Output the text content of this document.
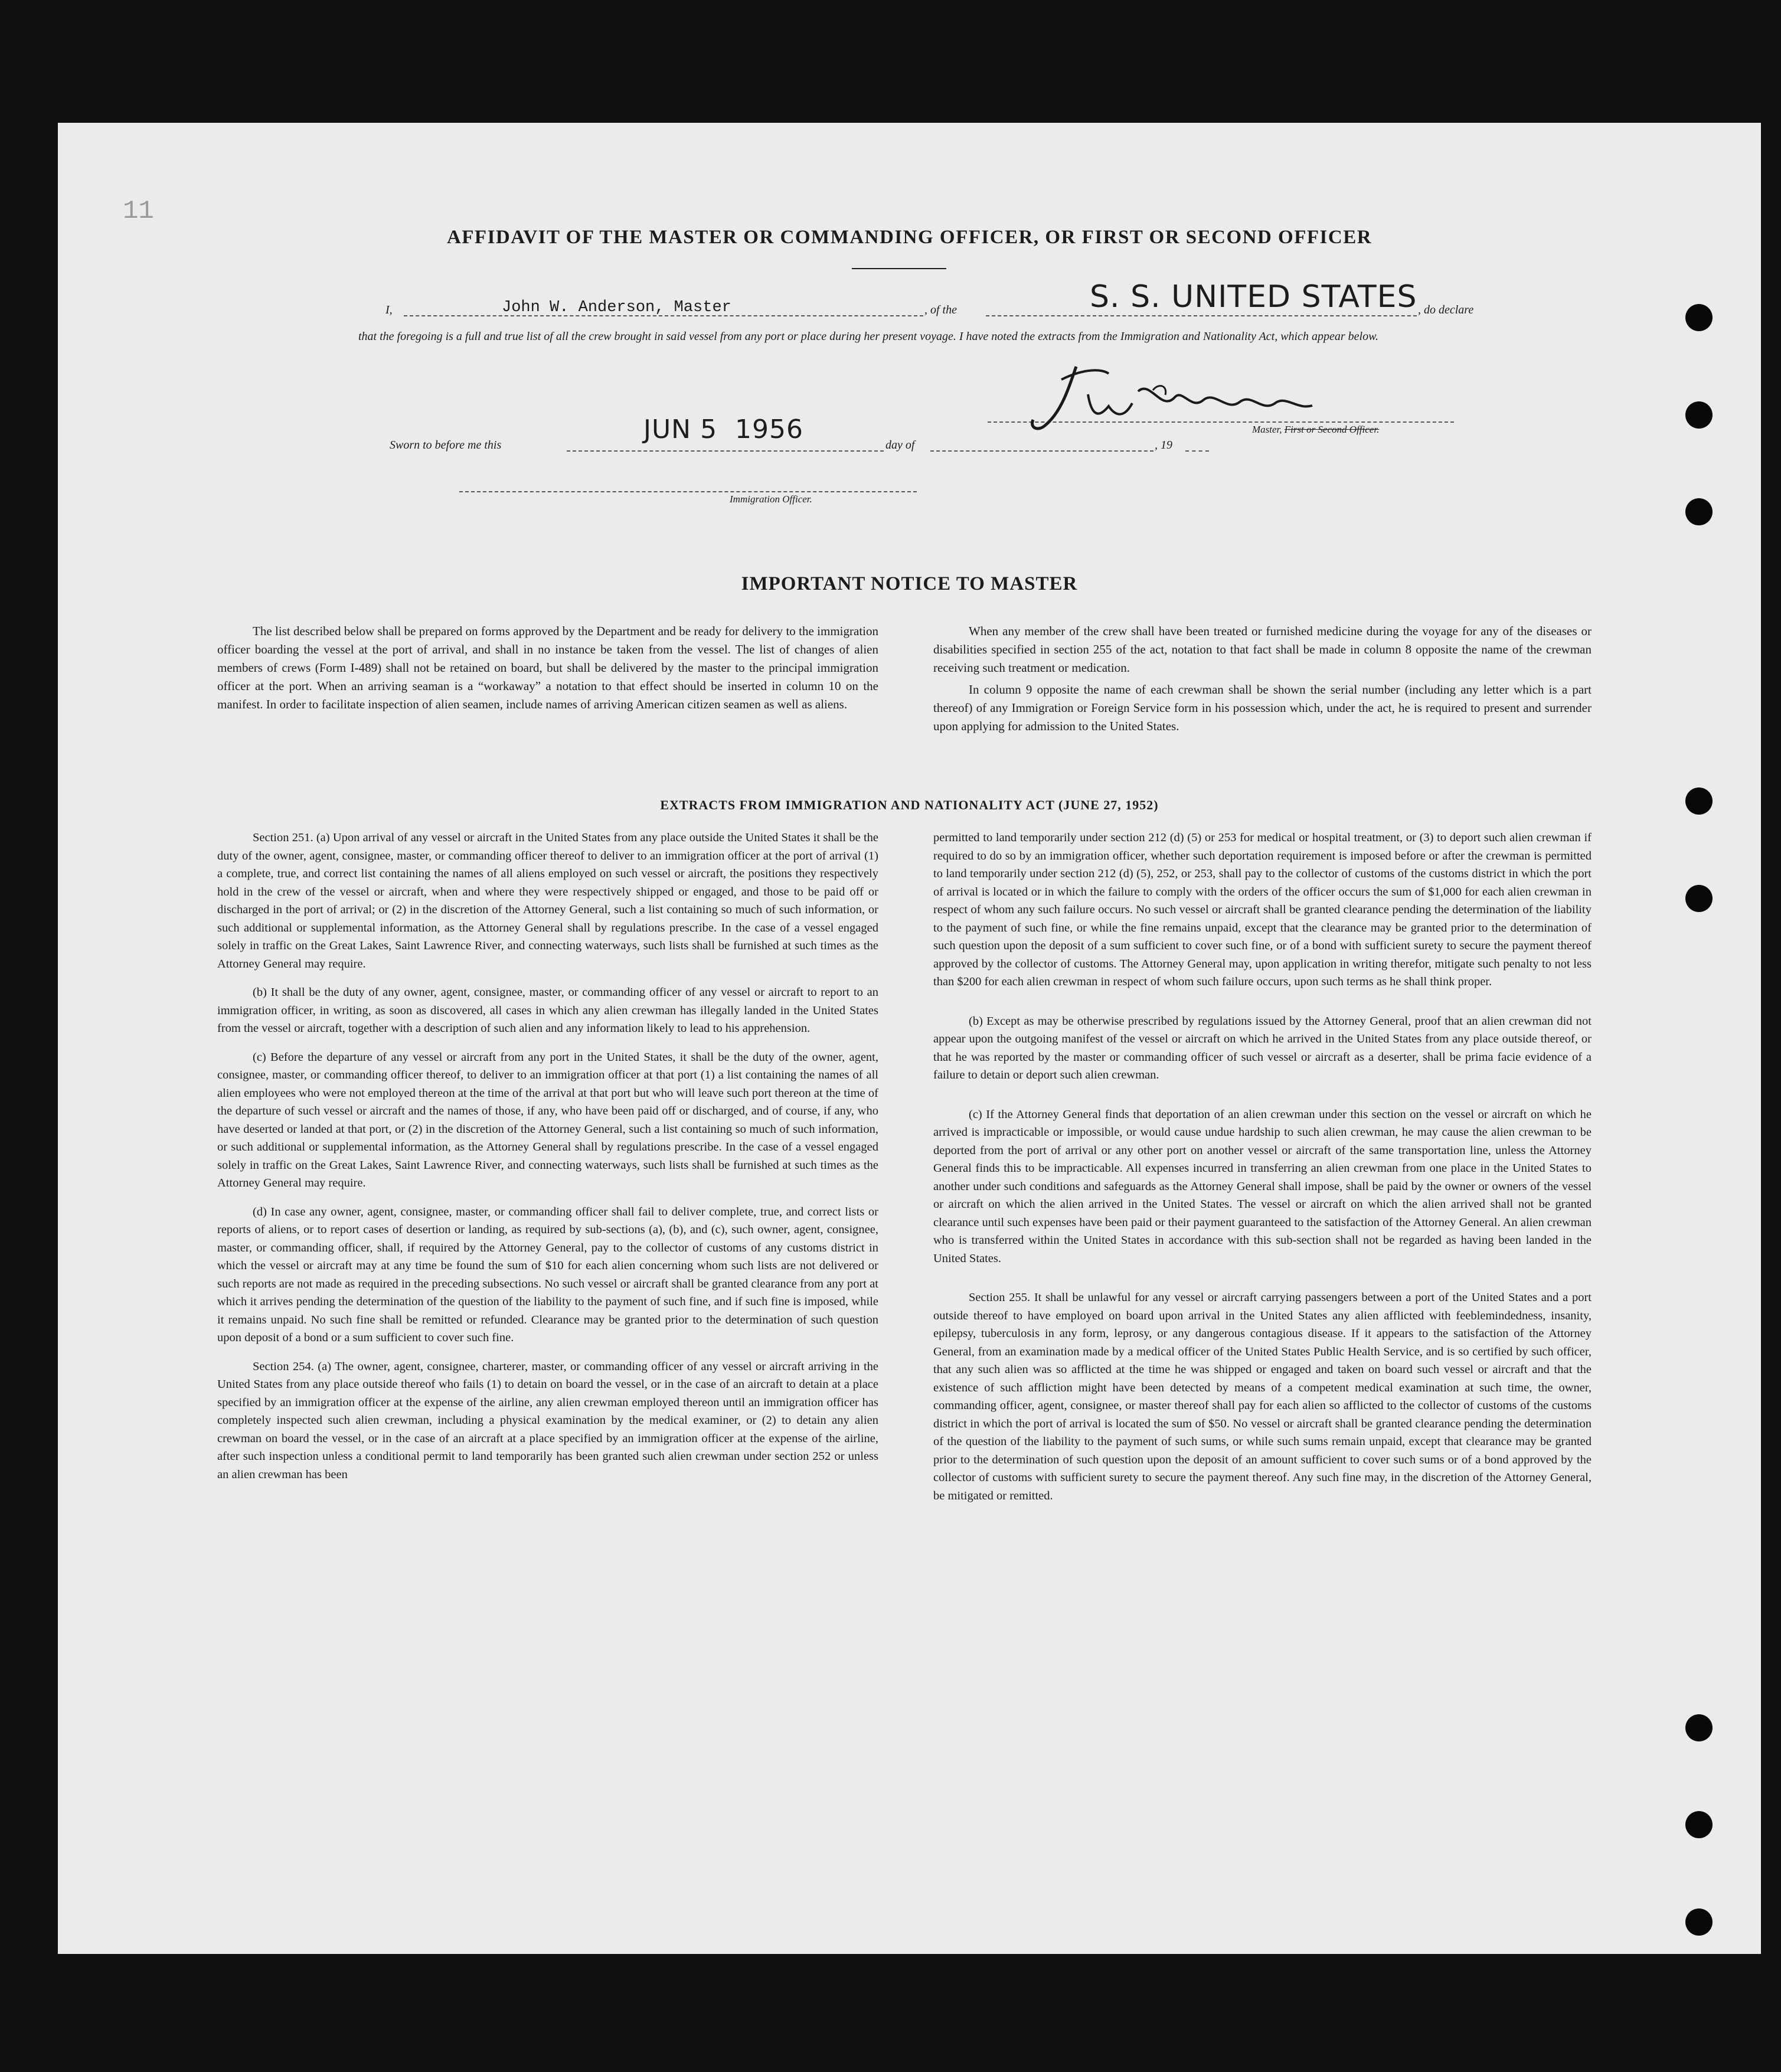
11
AFFIDAVIT OF THE MASTER OR COMMANDING OFFICER, OR FIRST OR SECOND OFFICER
I,	John W. Anderson, Master	, of the	S. S. UNITED STATES , do declare
that the foregoing is a full and true list of all the crew brought in said vessel from any port or place during her present voyage. I have noted the extracts from the Immigration and Nationality Act, which appear below.
Master, First or Second Officer.
Sworn to before me this
JUN 5  1956
day of	, 19
Immigration Officer.
IMPORTANT NOTICE TO MASTER

The list described below shall be prepared on forms approved by the Department and be ready for delivery to the immigration officer boarding the vessel at the port of arrival, and shall in no instance be taken from the vessel. The list of changes of alien members of crews (Form I-489) shall not be retained on board, but shall be delivered by the master to the principal immigration officer at the port. When an arriving seaman is a “workaway” a notation to that effect should be inserted in column 10 on the manifest. In order to facilitate inspection of alien seamen, include names of arriving American citizen seamen as well as aliens.

When any member of the crew shall have been treated or furnished medicine during the voyage for any of the diseases or disabilities specified in section 255 of the act, notation to that fact shall be made in column 8 opposite the name of the crewman receiving such treatment or medication.

In column 9 opposite the name of each crewman shall be shown the serial number (including any letter which is a part thereof) of any Immigration or Foreign Service form in his possession which, under the act, he is required to present and surrender upon applying for admission to the United States.

EXTRACTS FROM IMMIGRATION AND NATIONALITY ACT (JUNE 27, 1952)

Section 251. (a) Upon arrival of any vessel or aircraft in the United States from any place outside the United States it shall be the duty of the owner, agent, consignee, master, or commanding officer thereof to deliver to an immigration officer at the port of arrival (1) a complete, true, and correct list containing the names of all aliens employed on such vessel or aircraft, the positions they respectively hold in the crew of the vessel or aircraft, when and where they were respectively shipped or engaged, and those to be paid off or discharged in the port of arrival; or (2) in the discretion of the Attorney General, such a list containing so much of such information, or such additional or supplemental information, as the Attorney General shall by regulations prescribe. In the case of a vessel engaged solely in traffic on the Great Lakes, Saint Lawrence River, and connecting waterways, such lists shall be furnished at such times as the Attorney General may require.

(b) It shall be the duty of any owner, agent, consignee, master, or commanding officer of any vessel or aircraft to report to an immigration officer, in writing, as soon as discovered, all cases in which any alien crewman has illegally landed in the United States from the vessel or aircraft, together with a description of such alien and any information likely to lead to his apprehension.

(c) Before the departure of any vessel or aircraft from any port in the United States, it shall be the duty of the owner, agent, consignee, master, or commanding officer thereof, to deliver to an immigration officer at that port (1) a list containing the names of all alien employees who were not employed thereon at the time of the arrival at that port but who will leave such port thereon at the time of the departure of such vessel or aircraft and the names of those, if any, who have been paid off or discharged, and of course, if any, who have deserted or landed at that port, or (2) in the discretion of the Attorney General, such a list containing so much of such information, or such additional or supplemental information, as the Attorney General shall by regulations prescribe. In the case of a vessel engaged solely in traffic on the Great Lakes, Saint Lawrence River, and connecting waterways, such lists shall be furnished at such times as the Attorney General may require.

(d) In case any owner, agent, consignee, master, or commanding officer shall fail to deliver complete, true, and correct lists or reports of aliens, or to report cases of desertion or landing, as required by sub-sections (a), (b), and (c), such owner, agent, consignee, master, or commanding officer, shall, if required by the Attorney General, pay to the collector of customs of any customs district in which the vessel or aircraft may at any time be found the sum of $10 for each alien concerning whom such lists are not delivered or such reports are not made as required in the preceding subsections. No such vessel or aircraft shall be granted clearance from any port at which it arrives pending the determination of the question of the liability to the payment of such fine, and if such fine is imposed, while it remains unpaid. No such fine shall be remitted or refunded. Clearance may be granted prior to the determination of such question upon deposit of a bond or a sum sufficient to cover such fine.

Section 254. (a) The owner, agent, consignee, charterer, master, or commanding officer of any vessel or aircraft arriving in the United States from any place outside thereof who fails (1) to detain on board the vessel, or in the case of an aircraft to detain at a place specified by an immigration officer at the expense of the airline, any alien crewman employed thereon until an immigration officer has completely inspected such alien crewman, including a physical examination by the medical examiner, or (2) to detain any alien crewman on board the vessel, or in the case of an aircraft at a place specified by an immigration officer at the expense of the airline, after such inspection unless a conditional permit to land temporarily has been granted such alien crewman under section 252 or unless an alien crewman has been

permitted to land temporarily under section 212 (d) (5) or 253 for medical or hospital treatment, or (3) to deport such alien crewman if required to do so by an immigration officer, whether such deportation requirement is imposed before or after the crewman is permitted to land temporarily under section 212 (d) (5), 252, or 253, shall pay to the collector of customs of the customs district in which the port of arrival is located or in which the failure to comply with the orders of the officer occurs the sum of $1,000 for each alien crewman in respect of whom any such failure occurs. No such vessel or aircraft shall be granted clearance pending the determination of the liability to the payment of such fine, or while the fine remains unpaid, except that the clearance may be granted prior to the determination of such question upon the deposit of a sum sufficient to cover such fine, or of a bond with sufficient surety to secure the payment thereof approved by the collector of customs. The Attorney General may, upon application in writing therefor, mitigate such penalty to not less than $200 for each alien crewman in respect of whom such failure occurs, upon such terms as he shall think proper.

(b) Except as may be otherwise prescribed by regulations issued by the Attorney General, proof that an alien crewman did not appear upon the outgoing manifest of the vessel or aircraft on which he arrived in the United States from any place outside thereof, or that he was reported by the master or commanding officer of such vessel or aircraft as a deserter, shall be prima facie evidence of a failure to detain or deport such alien crewman.

(c) If the Attorney General finds that deportation of an alien crewman under this section on the vessel or aircraft on which he arrived is impracticable or impossible, or would cause undue hardship to such alien crewman, he may cause the alien crewman to be deported from the port of arrival or any other port on another vessel or aircraft of the same transportation line, unless the Attorney General finds this to be impracticable. All expenses incurred in transferring an alien crewman from one place in the United States to another under such conditions and safeguards as the Attorney General shall impose, shall be paid by the owner or owners of the vessel or aircraft on which the alien arrived in the United States. The vessel or aircraft on which the alien arrived shall not be granted clearance until such expenses have been paid or their payment guaranteed to the satisfaction of the Attorney General. An alien crewman who is transferred within the United States in accordance with this sub-section shall not be regarded as having been landed in the United States.

Section 255. It shall be unlawful for any vessel or aircraft carrying passengers between a port of the United States and a port outside thereof to have employed on board upon arrival in the United States any alien afflicted with feeblemindedness, insanity, epilepsy, tuberculosis in any form, leprosy, or any dangerous contagious disease. If it appears to the satisfaction of the Attorney General, from an examination made by a medical officer of the United States Public Health Service, and is so certified by such officer, that any such alien was so afflicted at the time he was shipped or engaged and taken on board such vessel or aircraft and that the existence of such affliction might have been detected by means of a competent medical examination at such time, the owner, commanding officer, agent, consignee, or master thereof shall pay for each alien so afflicted to the collector of customs of the customs district in which the port of arrival is located the sum of $50. No vessel or aircraft shall be granted clearance pending the determination of the question of the liability to the payment of such sums, or while such sums remain unpaid, except that clearance may be granted prior to the determination of such question upon the deposit of an amount sufficient to cover such sums or of a bond approved by the collector of customs with sufficient surety to secure the payment thereof. Any such fine may, in the discretion of the Attorney General, be mitigated or remitted.
